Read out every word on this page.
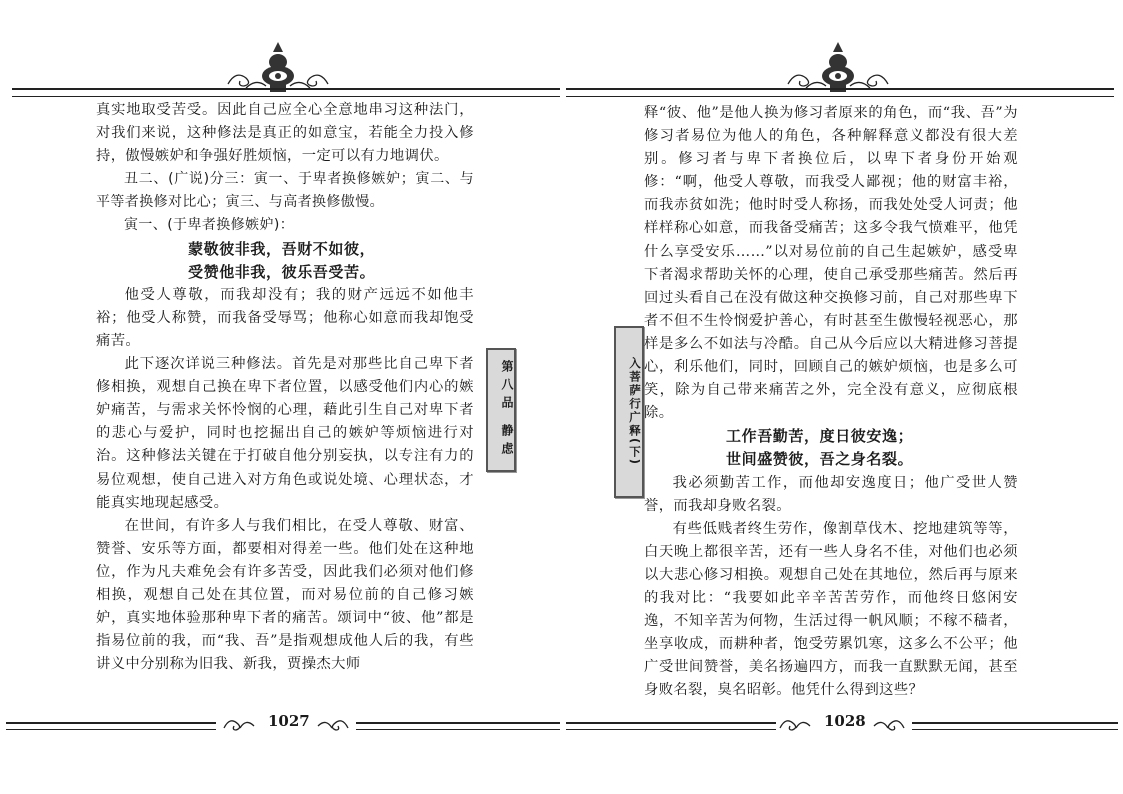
真实地取受苦受。因此自己应全心全意地串习这种法门，对我们来说，这种修法是真正的如意宝，若能全力投入修持，傲慢嫉妒和争强好胜烦恼，一定可以有力地调伏。

丑二、(广说)分三：寅一、于卑者换修嫉妒；寅二、与平等者换修对比心；寅三、与高者换修傲慢。

寅一、(于卑者换修嫉妒)：

蒙敬彼非我，吾财不如彼，

受赞他非我，彼乐吾受苦。

他受人尊敬，而我却没有；我的财产远远不如他丰裕；他受人称赞，而我备受辱骂；他称心如意而我却饱受痛苦。

此下逐次详说三种修法。首先是对那些比自己卑下者修相换，观想自己换在卑下者位置，以感受他们内心的嫉妒痛苦，与需求关怀怜悯的心理，藉此引生自己对卑下者的悲心与爱护，同时也挖掘出自己的嫉妒等烦恼进行对治。这种修法关键在于打破自他分别妄执，以专注有力的易位观想，使自己进入对方角色或说处境、心理状态，才能真实地现起感受。

在世间，有许多人与我们相比，在受人尊敬、财富、赞誉、安乐等方面，都要相对得差一些。他们处在这种地位，作为凡夫难免会有许多苦受，因此我们必须对他们修相换，观想自己处在其位置，而对易位前的自己修习嫉妒，真实地体验那种卑下者的痛苦。颂词中“彼、他”都是指易位前的我，而“我、吾”是指观想成他人后的我，有些讲义中分别称为旧我、新我，贾操杰大师

第八品 静虑
1027
入菩萨行广释(下)

释“彼、他”是他人换为修习者原来的角色，而“我、吾”为修习者易位为他人的角色，各种解释意义都没有很大差别。修习者与卑下者换位后，以卑下者身份开始观修：“啊，他受人尊敬，而我受人鄙视；他的财富丰裕，而我赤贫如洗；他时时受人称扬，而我处处受人诃责；他样样称心如意，而我备受痛苦；这多令我气愤难平，他凭什么享受安乐……”以对易位前的自己生起嫉妒，感受卑下者渴求帮助关怀的心理，使自己承受那些痛苦。然后再回过头看自己在没有做这种交换修习前，自己对那些卑下者不但不生怜悯爱护善心，有时甚至生傲慢轻视恶心，那样是多么不如法与冷酷。自己从今后应以大精进修习菩提心，利乐他们，同时，回顾自己的嫉妒烦恼，也是多么可笑，除为自己带来痛苦之外，完全没有意义，应彻底根除。

工作吾勤苦，度日彼安逸；

世间盛赞彼，吾之身名裂。

我必须勤苦工作，而他却安逸度日；他广受世人赞誉，而我却身败名裂。

有些低贱者终生劳作，像割草伐木、挖地建筑等等，白天晚上都很辛苦，还有一些人身名不佳，对他们也必须以大悲心修习相换。观想自己处在其地位，然后再与原来的我对比：“我要如此辛辛苦苦劳作，而他终日悠闲安逸，不知辛苦为何物，生活过得一帆风顺；不稼不穑者，坐享收成，而耕种者，饱受劳累饥寒，这多么不公平；他广受世间赞誉，美名扬遍四方，而我一直默默无闻，甚至身败名裂，臭名昭彰。他凭什么得到这些？

1028
